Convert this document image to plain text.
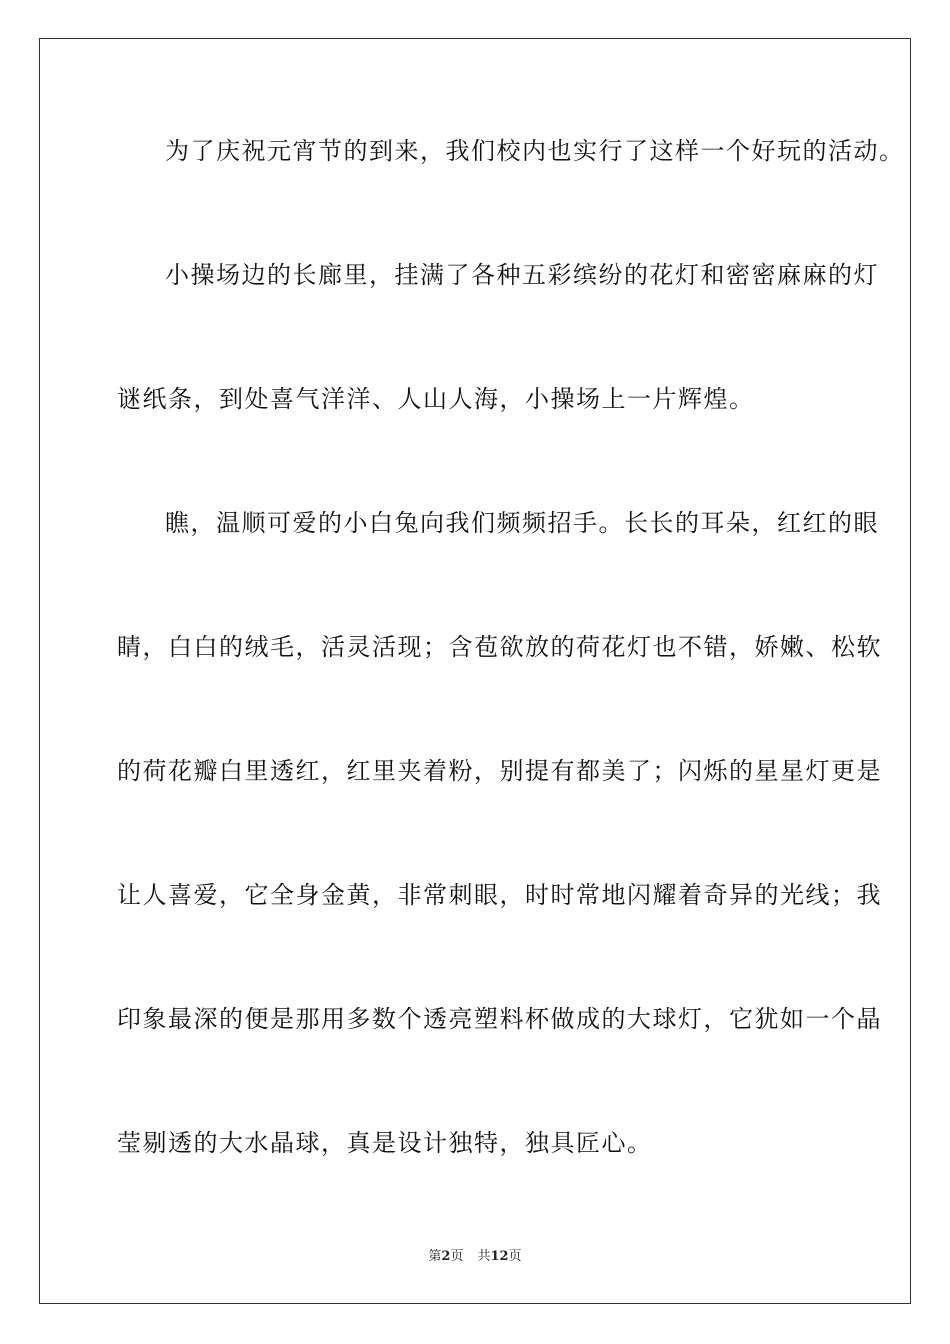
为了庆祝元宵节的到来，我们校内也实行了这样一个好玩的活动。
小操场边的长廊里，挂满了各种五彩缤纷的花灯和密密麻麻的灯
谜纸条，到处喜气洋洋、人山人海，小操场上一片辉煌。
瞧，温顺可爱的小白兔向我们频频招手。长长的耳朵，红红的眼
睛，白白的绒毛，活灵活现；含苞欲放的荷花灯也不错，娇嫩、松软
的荷花瓣白里透红，红里夹着粉，别提有都美了；闪烁的星星灯更是
让人喜爱，它全身金黄，非常刺眼，时时常地闪耀着奇异的光线；我
印象最深的便是那用多数个透亮塑料杯做成的大球灯，它犹如一个晶
莹剔透的大水晶球，真是设计独特，独具匠心。
第2页 共12页
